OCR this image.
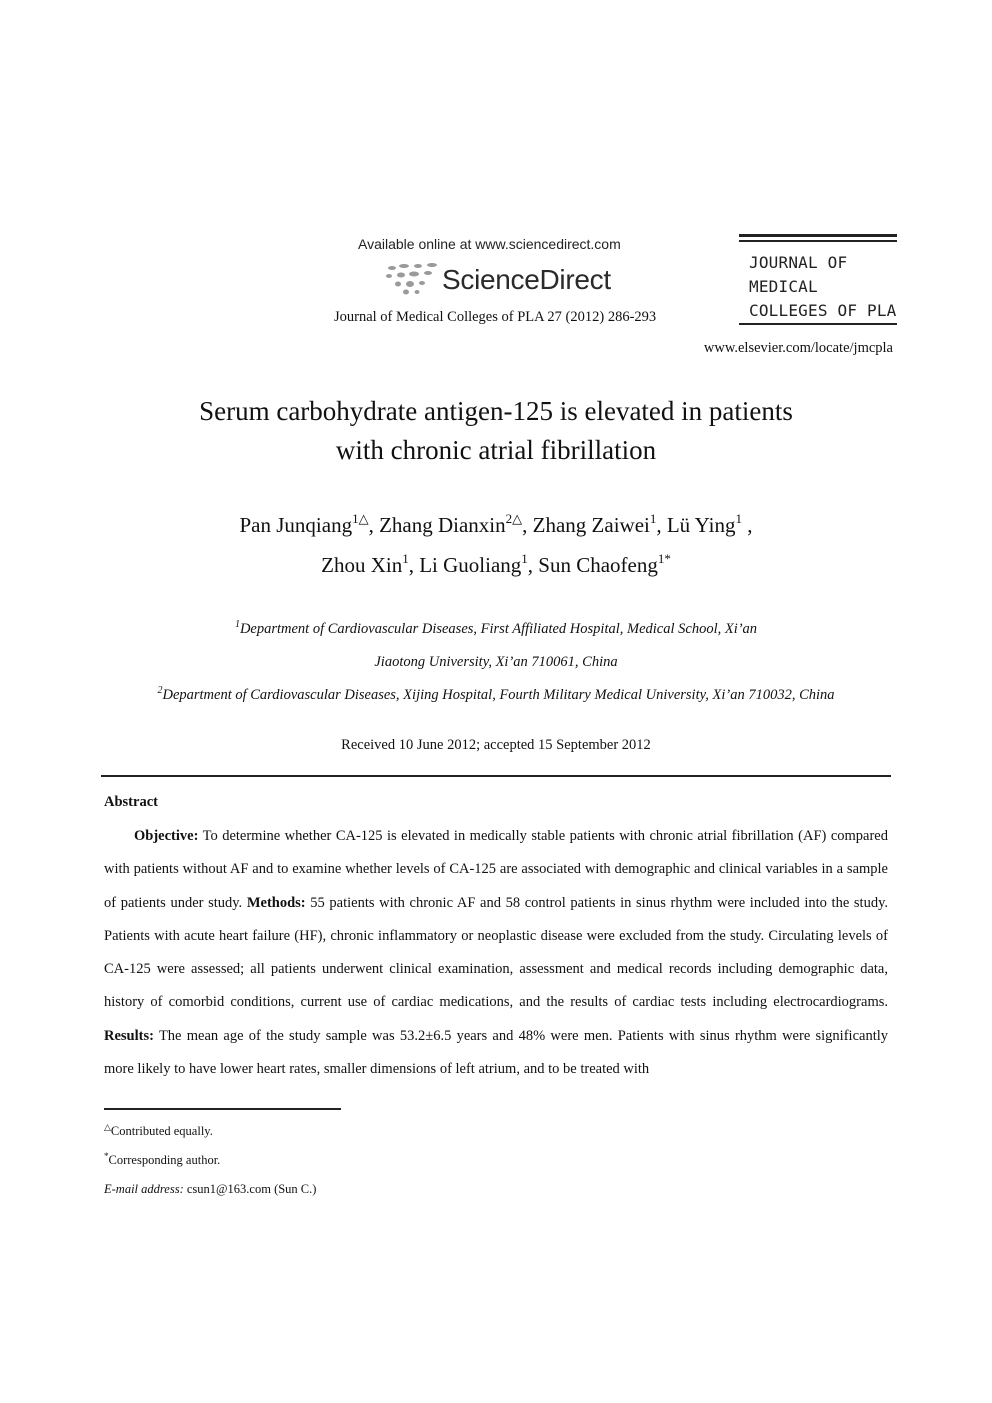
Available online at www.sciencedirect.com
ScienceDirect
Journal of Medical Colleges of PLA 27 (2012) 286-293
JOURNAL OF
MEDICAL
COLLEGES OF PLA
www.elsevier.com/locate/jmcpla
Serum carbohydrate antigen-125 is elevated in patients
with chronic atrial fibrillation
Pan Junqiang$^{1\triangle}$, Zhang Dianxin$^{2\triangle}$, Zhang Zaiwei$^1$, Lü Ying$^1$ ,
Zhou Xin$^1$, Li Guoliang$^1$, Sun Chaofeng$^{1*}$
$^1$Department of Cardiovascular Diseases, First Affiliated Hospital, Medical School, Xi’an
Jiaotong University, Xi’an 710061, China
$^2$Department of Cardiovascular Diseases, Xijing Hospital, Fourth Military Medical University, Xi’an 710032, China
Received 10 June 2012; accepted 15 September 2012
Abstract

Objective: To determine whether CA-125 is elevated in medically stable patients with chronic atrial fibrillation (AF) compared with patients without AF and to examine whether levels of CA-125 are associated with demographic and clinical variables in a sample of patients under study. Methods: 55 patients with chronic AF and 58 control patients in sinus rhythm were included into the study. Patients with acute heart failure (HF), chronic inflammatory or neoplastic disease were excluded from the study. Circulating levels of CA-125 were assessed; all patients underwent clinical examination, assessment and medical records including demographic data, history of comorbid conditions, current use of cardiac medications, and the results of cardiac tests including electrocardiograms. Results: The mean age of the study sample was 53.2±6.5 years and 48% were men. Patients with sinus rhythm were significantly more likely to have lower heart rates, smaller dimensions of left atrium, and to be treated with

△Contributed equally.
*Corresponding author.
E-mail address: csun1@163.com (Sun C.)
